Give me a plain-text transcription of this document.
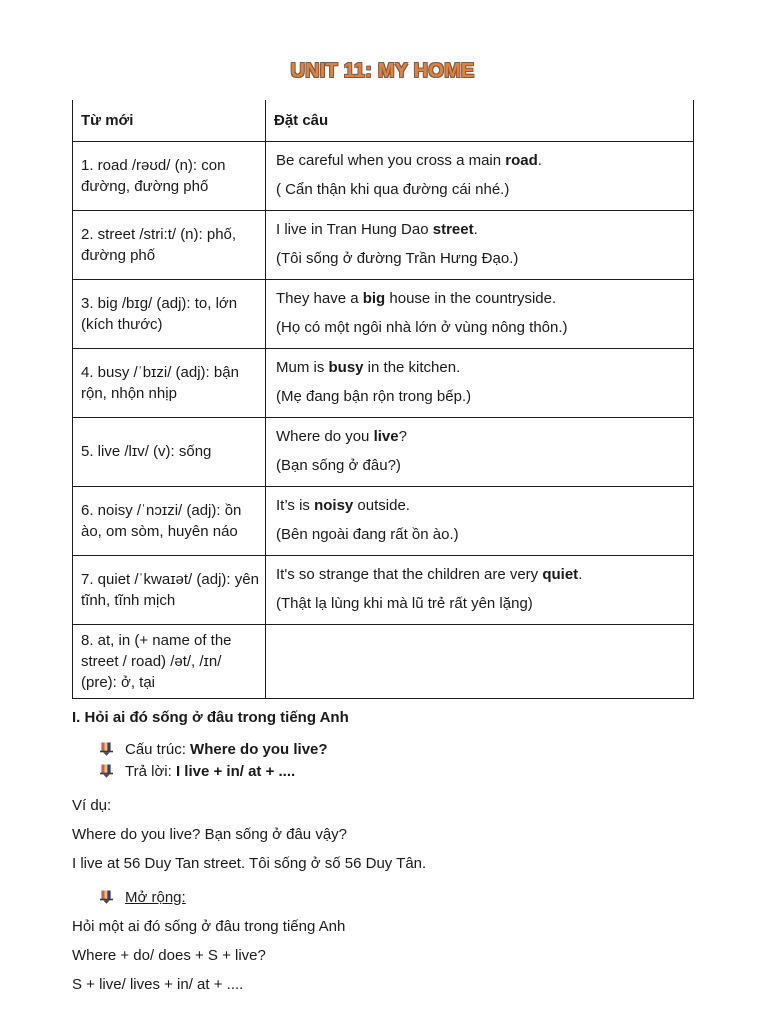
UNIT 11: MY HOME
Từ mới	Đặt câu
1. road /rəʊd/ (n): con đường, đường phố	Be careful when you cross a main road.

( Cẩn thận khi qua đường cái nhé.)

2. street /stri:t/ (n): phố, đường phố	I live in Tran Hung Dao street.

(Tôi sống ở đường Trần Hưng Đạo.)

3. big /bɪg/ (adj): to, lớn (kích thước)	They have a big house in the countryside.

(Họ có một ngôi nhà lớn ở vùng nông thôn.)

4. busy /ˈbɪzi/ (adj): bận rộn, nhộn nhịp	Mum is busy in the kitchen.

(Mẹ đang bận rộn trong bếp.)

5. live /lɪv/ (v): sống	Where do you live?

(Bạn sống ở đâu?)

6. noisy /ˈnɔɪzi/ (adj): ồn ào, om sòm, huyên náo	It’s is noisy outside.

(Bên ngoài đang rất ồn ào.)

7. quiet /ˈkwaɪət/ (adj): yên tĩnh, tĩnh mịch	It's so strange that the children are very quiet.

(Thật lạ lùng khi mà lũ trẻ rất yên lặng)

8. at, in (+ name of the street / road) /ət/, /ɪn/ (pre): ở, tại	

I. Hỏi ai đó sống ở đâu trong tiếng Anh

Cấu trúc: Where do you live?
Trả lời: I live + in/ at + ....

Ví dụ:

Where do you live? Bạn sống ở đâu vậy?

I live at 56 Duy Tan street. Tôi sống ở số 56 Duy Tân.

Mở rộng:

Hỏi một ai đó sống ở đâu trong tiếng Anh

Where + do/ does + S + live?

S + live/ lives + in/ at + ....
